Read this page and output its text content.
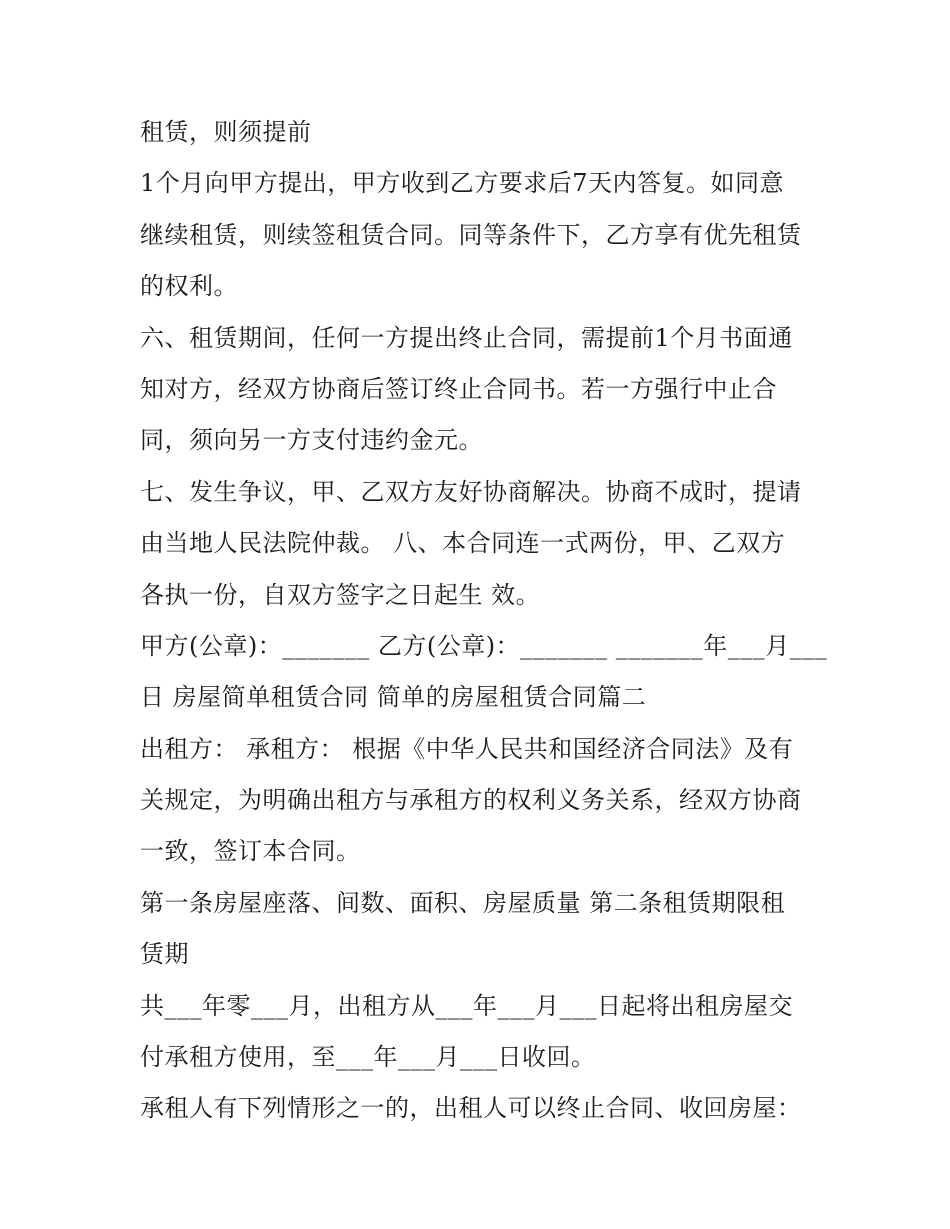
租赁，则须提前
1个月向甲方提出，甲方收到乙方要求后7天内答复。如同意
继续租赁，则续签租赁合同。同等条件下，乙方享有优先租赁
的权利。
六、租赁期间，任何一方提出终止合同，需提前1个月书面通
知对方，经双方协商后签订终止合同书。若一方强行中止合
同，须向另一方支付违约金元。
七、发生争议，甲、乙双方友好协商解决。协商不成时，提请
由当地人民法院仲裁。 八、本合同连一式两份，甲、乙双方
各执一份，自双方签字之日起生 效。
甲方(公章)：_______ 乙方(公章)：_______ _______年___月___
日 房屋简单租赁合同 简单的房屋租赁合同篇二
出租方： 承租方： 根据《中华人民共和国经济合同法》及有
关规定，为明确出租方与承租方的权利义务关系，经双方协商
一致，签订本合同。
第一条房屋座落、间数、面积、房屋质量 第二条租赁期限租
赁期
共___年零___月，出租方从___年___月___日起将出租房屋交
付承租方使用，至___年___月___日收回。
承租人有下列情形之一的，出租人可以终止合同、收回房屋：
